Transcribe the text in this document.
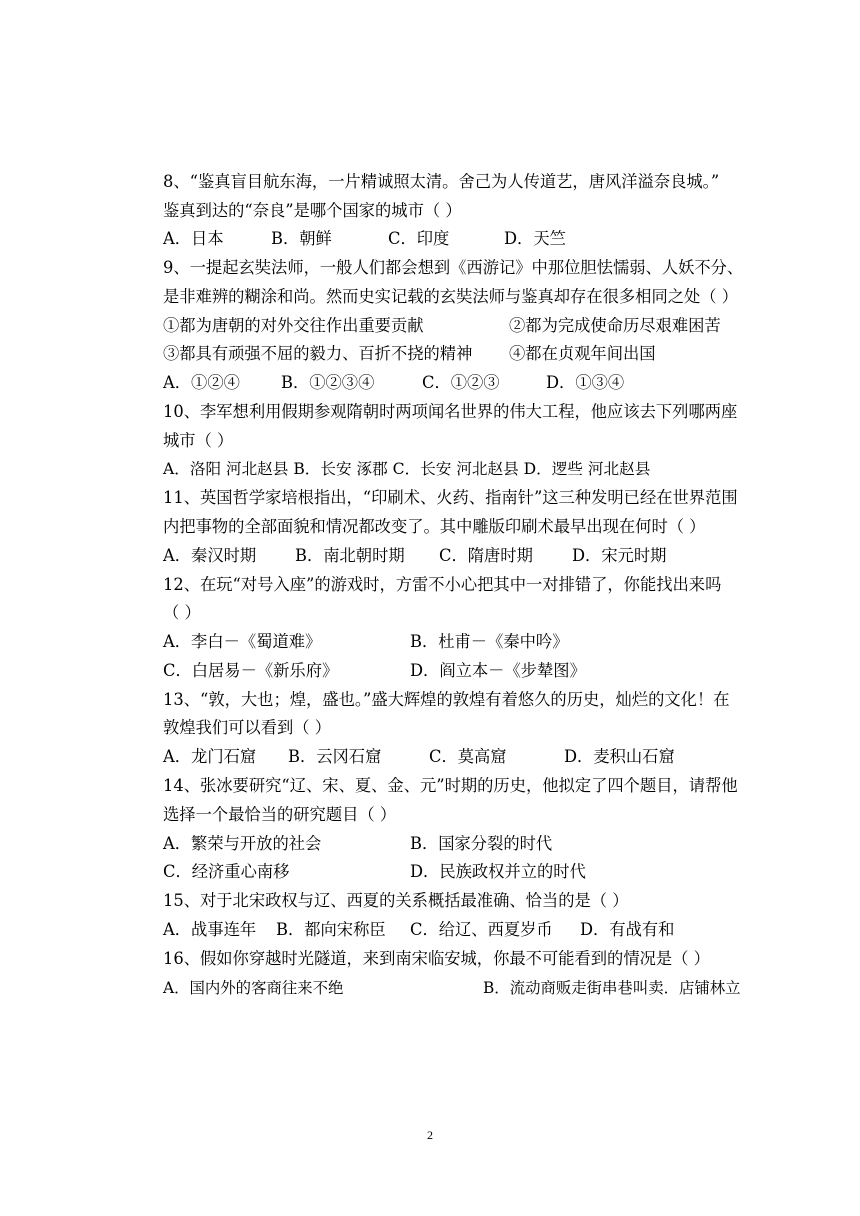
8、“鉴真盲目航东海，一片精诚照太清。舍己为人传道艺，唐风洋溢奈良城。”
鉴真到达的“奈良”是哪个国家的城市（ ）
A．日本	B．朝鲜	C．印度	D．天竺
9、一提起玄奘法师，一般人们都会想到《西游记》中那位胆怯懦弱、人妖不分、
是非难辨的糊涂和尚。然而史实记载的玄奘法师与鉴真却存在很多相同之处（ ）
①都为唐朝的对外交往作出重要贡献	②都为完成使命历尽艰难困苦
③都具有顽强不屈的毅力、百折不挠的精神 ④都在贞观年间出国
A．①②④	B．①②③④	C．①②③	D．①③④
10、李军想利用假期参观隋朝时两项闻名世界的伟大工程，他应该去下列哪两座
城市（ ）
A．洛阳 河北赵县 B．长安 涿郡 C．长安 河北赵县 D．逻些 河北赵县
11、英国哲学家培根指出，“印刷术、火药、指南针”这三种发明已经在世界范围
内把事物的全部面貌和情况都改变了。其中雕版印刷术最早出现在何时（ ）
A．秦汉时期 B．南北朝时期 C．隋唐时期 D．宋元时期
12、在玩“对号入座”的游戏时，方雷不小心把其中一对排错了，你能找出来吗
（ ）
A．李白－《蜀道难》	B．杜甫－《秦中吟》
C．白居易－《新乐府》	D．阎立本－《步辇图》
13、“敦，大也；煌，盛也。”盛大辉煌的敦煌有着悠久的历史，灿烂的文化！在
敦煌我们可以看到（ ）
A．龙门石窟 B．云冈石窟	C．莫高窟	D．麦积山石窟
14、张冰要研究“辽、宋、夏、金、元”时期的历史，他拟定了四个题目，请帮他
选择一个最恰当的研究题目（ ）
A．繁荣与开放的社会	B．国家分裂的时代
C．经济重心南移	D．民族政权并立的时代
15、对于北宋政权与辽、西夏的关系概括最准确、恰当的是（ ）
A．战事连年 B．都向宋称臣 C．给辽、西夏岁币 D．有战有和
16、假如你穿越时光隧道，来到南宋临安城，你最不可能看到的情况是（ ）
A．国内外的客商往来不绝	B．流动商贩走街串巷叫卖．店铺林立
2
